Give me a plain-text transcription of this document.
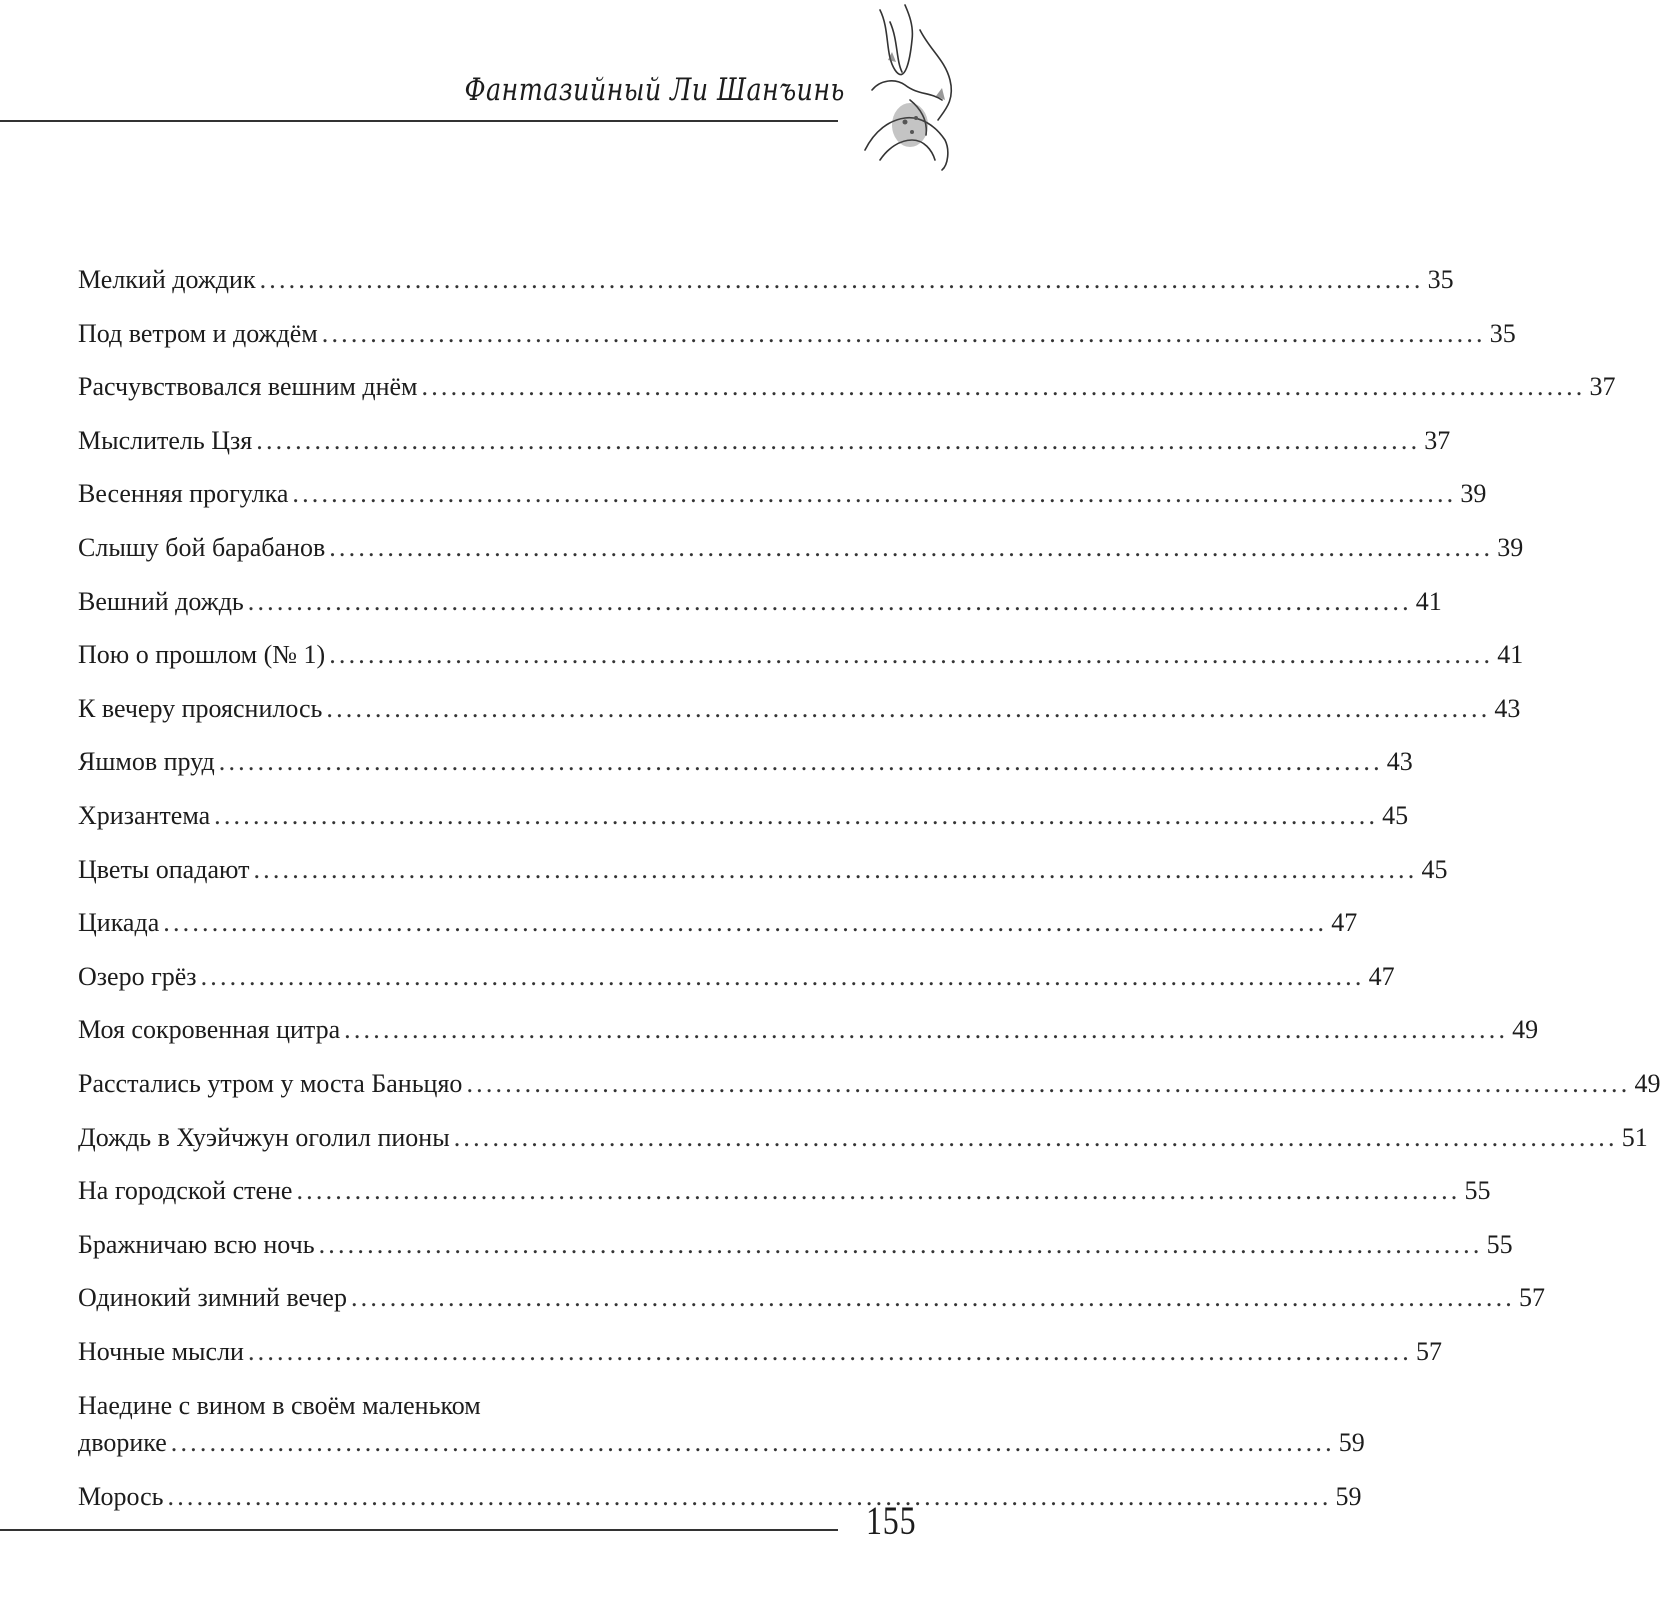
Фантазийный Ли Шанъинь
Мелкий дождик ........................................................................................................................ 35
Под ветром и дождём ........................................................................................................................ 35
Расчувствовался вешним днём ........................................................................................................................ 37
Мыслитель Цзя ........................................................................................................................ 37
Весенняя прогулка ........................................................................................................................ 39
Слышу бой барабанов ........................................................................................................................ 39
Вешний дождь ........................................................................................................................ 41
Пою о прошлом (№ 1) ........................................................................................................................ 41
К вечеру прояснилось ........................................................................................................................ 43
Яшмов пруд ........................................................................................................................ 43
Хризантема ........................................................................................................................ 45
Цветы опадают ........................................................................................................................ 45
Цикада ........................................................................................................................ 47
Озеро грёз ........................................................................................................................ 47
Моя сокровенная цитра ........................................................................................................................ 49
Расстались утром у моста Баньцяо ........................................................................................................................ 49
Дождь в Хуэйчжун оголил пионы ........................................................................................................................ 51
На городской стене ........................................................................................................................ 55
Бражничаю всю ночь ........................................................................................................................ 55
Одинокий зимний вечер ........................................................................................................................ 57
Ночные мысли ........................................................................................................................ 57
Наедине с вином в своём маленьком
дворике ........................................................................................................................ 59
Морось ........................................................................................................................ 59
155
